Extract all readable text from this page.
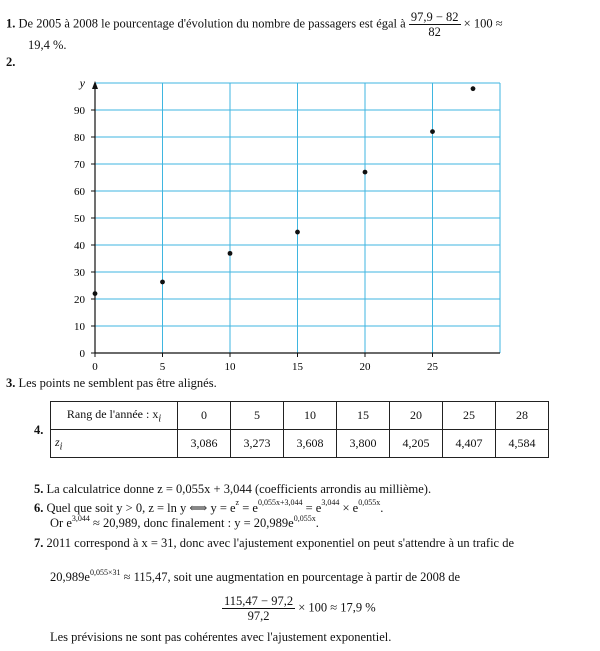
1. De 2005 à 2008 le pourcentage d'évolution du nombre de passagers est égal à $\frac{97,9 - 82}{82} \times 100$ ≈
19,4 %.
2.
0
10
20
30
40
50
60
70
80
90
0	5	10	15	20	25
y
3. Les points ne semblent pas être alignés.
4.
Rang de l'année : $x_i$	0	5	10	15	20	25	28
$z_i$	3,086	3,273	3,608	3,800	4,205	4,407	4,584
5. La calculatrice donne z = 0,055x + 3,044 (coefficients arrondis au millième).
6. Quel que soit y > 0, z = ln y ⟺ $y = e^z = e^{0,055x+3,044} = e^{3,044} \times e^{0,055x}$.
Or $e^{3,044} \approx 20,989$, donc finalement : $y = 20,989e^{0,055x}$.
7. 2011 correspond à x = 31, donc avec l'ajustement exponentiel on peut s'attendre à un trafic de
$20,989e^{0,055\times 31} \approx 115,47$, soit une augmentation en pourcentage à partir de 2008 de
$\frac{115,47 - 97,2}{97,2} \times 100 \approx 17,9$ %
Les prévisions ne sont pas cohérentes avec l'ajustement exponentiel.
